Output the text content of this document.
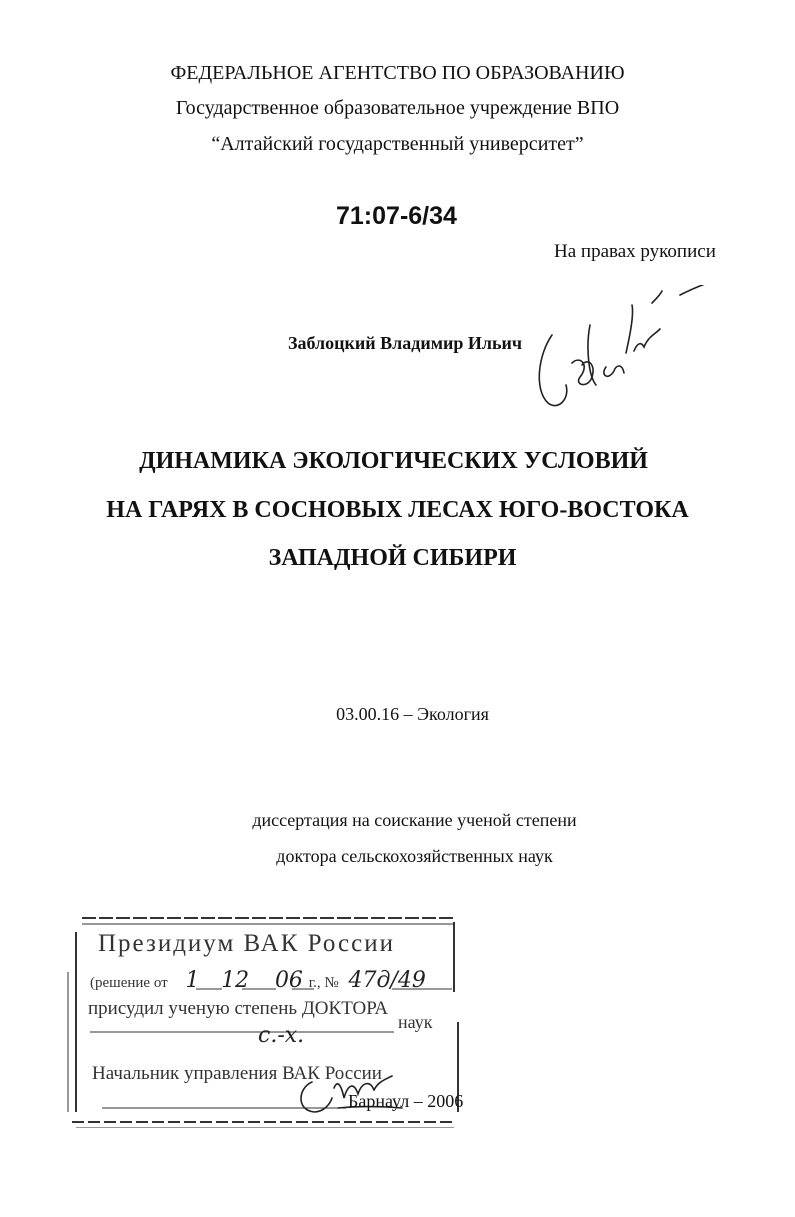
ФЕДЕРАЛЬНОЕ АГЕНТСТВО ПО ОБРАЗОВАНИЮ
Государственное образовательное учреждение ВПО
“Алтайский государственный университет”
71:07-6/34
На правах рукописи
Заблоцкий Владимир Ильич
ДИНАМИКА ЭКОЛОГИЧЕСКИХ УСЛОВИЙ
НА ГАРЯХ В СОСНОВЫХ ЛЕСАХ ЮГО-ВОСТОКА
ЗАПАДНОЙ СИБИРИ
03.00.16 – Экология
диссертация на соискание ученой степени
доктора сельскохозяйственных наук
Президиум ВАК России
(решение от 1 12 06 г., № 47д/49
присудил ученую степень ДОКТОРА
с.-х.
наук
Начальник управления ВАК России
Барнаул – 2006
